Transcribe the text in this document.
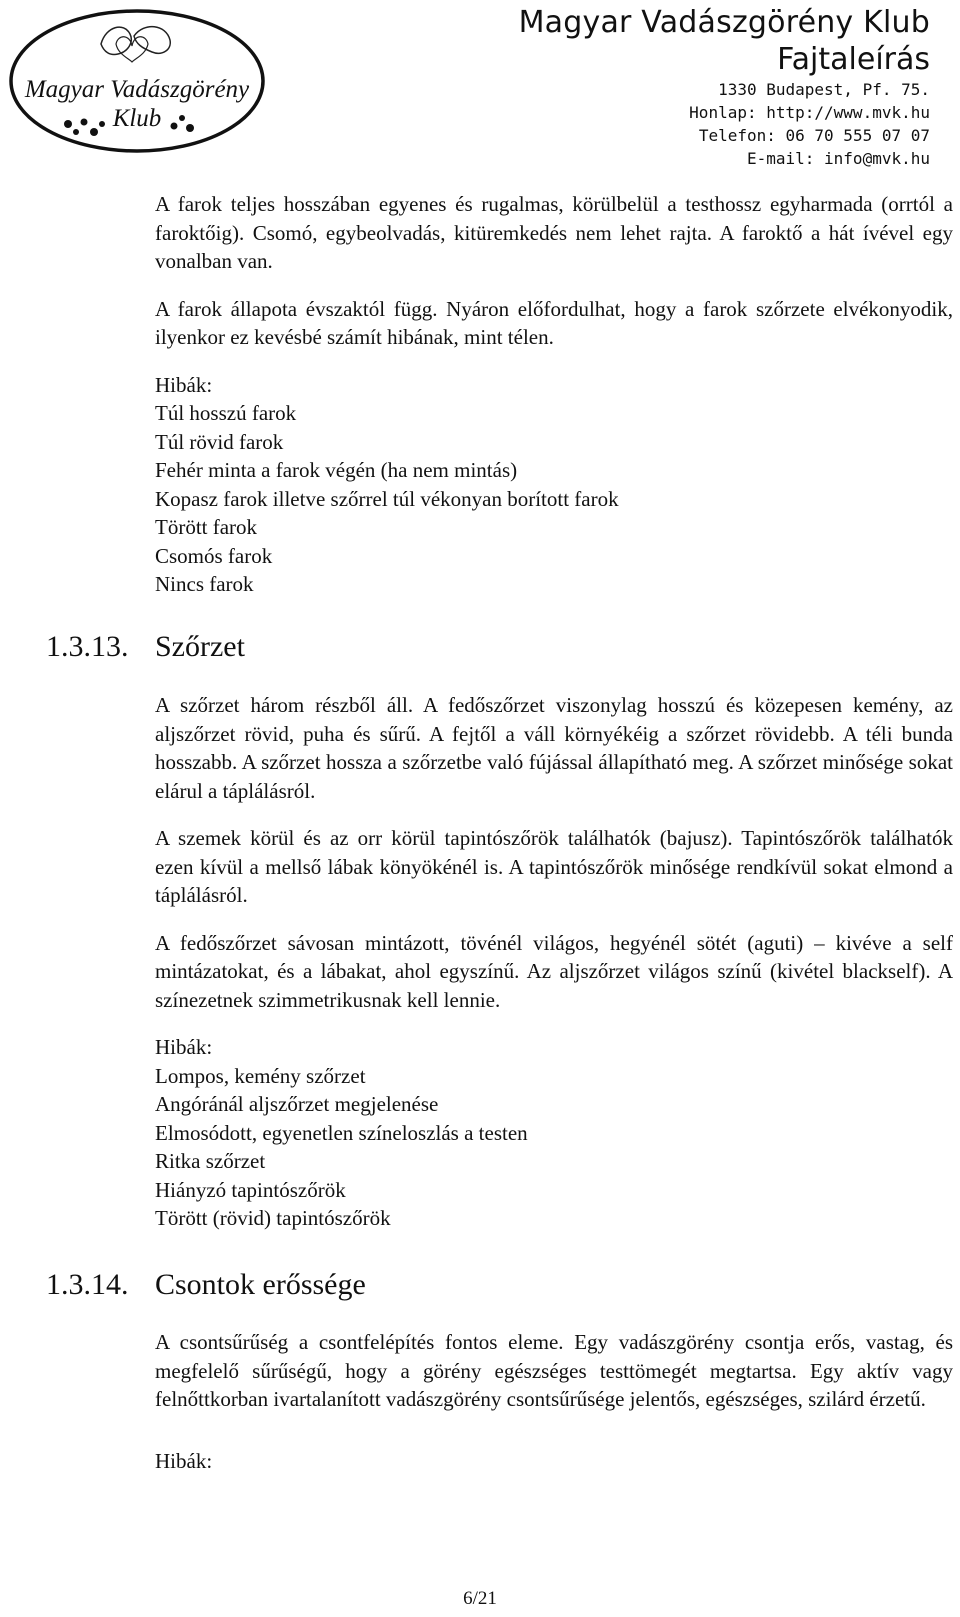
Magyar Vadászgörény
Klub
Magyar Vadászgörény Klub
Fajtaleírás
1330 Budapest, Pf. 75.
Honlap: http://www.mvk.hu
Telefon: 06 70 555 07 07
E-mail: info@mvk.hu

A farok teljes hosszában egyenes és rugalmas, körülbelül a testhossz egyharmada (orrtól a faroktőig). Csomó, egybeolvadás, kitüremkedés nem lehet rajta. A faroktő a hát ívével egy vonalban van.

A farok állapota évszaktól függ. Nyáron előfordulhat, hogy a farok szőrzete elvékonyodik, ilyenkor ez kevésbé számít hibának, mint télen.

Hibák:

Túl hosszú farok
Túl rövid farok
Fehér minta a farok végén (ha nem mintás)
Kopasz farok illetve szőrrel túl vékonyan borított farok
Törött farok
Csomós farok
Nincs farok
1.3.13. Szőrzet

A szőrzet három részből áll. A fedőszőrzet viszonylag hosszú és közepesen kemény, az aljszőrzet rövid, puha és sűrű. A fejtől a váll környékéig a szőrzet rövidebb. A téli bunda hosszabb. A szőrzet hossza a szőrzetbe való fújással állapítható meg. A szőrzet minősége sokat elárul a táplálásról.

A szemek körül és az orr körül tapintószőrök találhatók (bajusz). Tapintószőrök találhatók ezen kívül a mellső lábak könyökénél is. A tapintószőrök minősége rendkívül sokat elmond a táplálásról.

A fedőszőrzet sávosan mintázott, tövénél világos, hegyénél sötét (aguti) – kivéve a self mintázatokat, és a lábakat, ahol egyszínű. Az aljszőrzet világos színű (kivétel blackself). A színezetnek szimmetrikusnak kell lennie.

Hibák:

Lompos, kemény szőrzet
Angóránál aljszőrzet megjelenése
Elmosódott, egyenetlen színeloszlás a testen
Ritka szőrzet
Hiányzó tapintószőrök
Törött (rövid) tapintószőrök
1.3.14. Csontok erőssége

A csontsűrűség a csontfelépítés fontos eleme. Egy vadászgörény csontja erős, vastag, és megfelelő sűrűségű, hogy a görény egészséges testtömegét megtartsa. Egy aktív vagy felnőttkorban ivartalanított vadászgörény csontsűrűsége jelentős, egészséges, szilárd érzetű.

Hibák:

6/21
